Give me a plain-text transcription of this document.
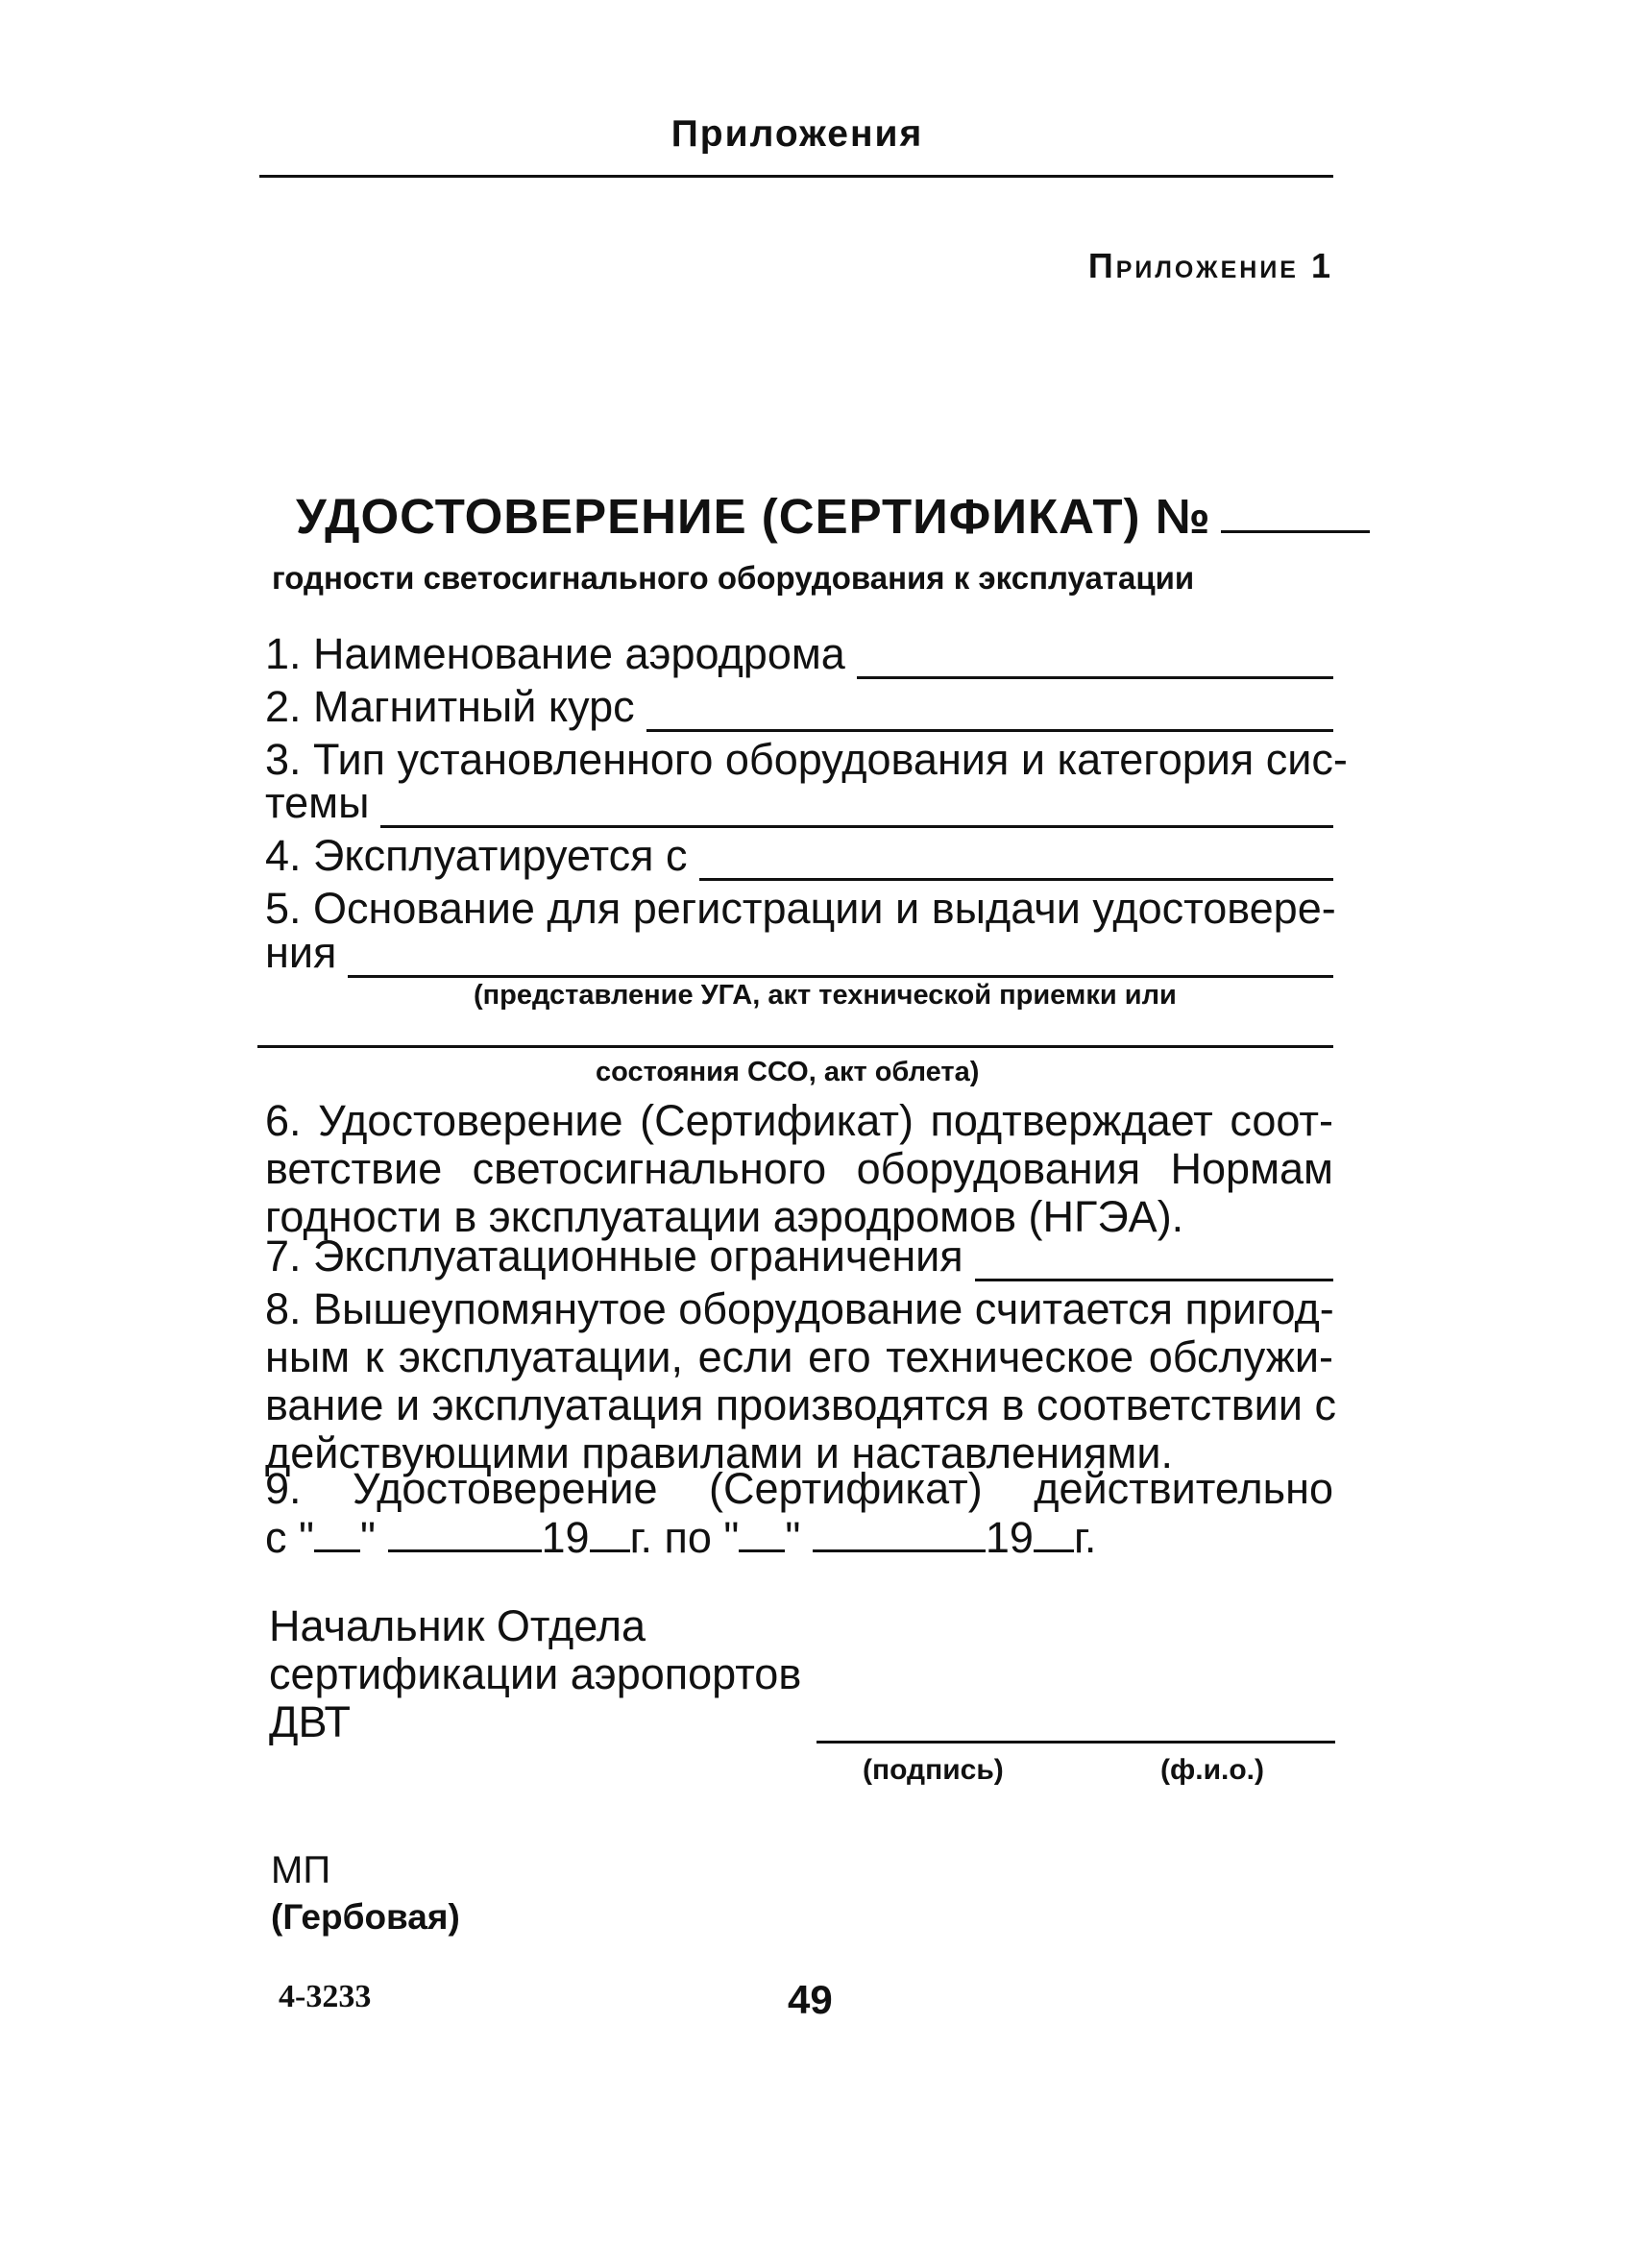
Приложения
Приложение 1
УДОСТОВЕРЕНИЕ (СЕРТИФИКАТ) №
годности светосигнального оборудования к эксплуатации
1. Наименование аэродрома
2. Магнитный курс
3. Тип установленного оборудования и категория сис-
темы
4. Эксплуатируется с
5. Основание для регистрации и выдачи удостовере-
ния
(представление УГА, акт технической приемки или
состояния ССО, акт облета)
6. Удостоверение (Сертификат) подтверждает соот-
ветствие светосигнального оборудования Нормам
годности в эксплуатации аэродромов (НГЭА).
7. Эксплуатационные ограничения
8. Вышеупомянутое оборудование считается пригод-
ным к эксплуатации, если его техническое обслужи-
вание и эксплуатация производятся в соответствии с
действующими правилами и наставлениями.
9. Удостоверение (Сертификат) действительно
с " "	19 г. по " "	19 г.
Начальник Отдела
сертификации аэропортов
ДВТ
(подпись)	(ф.и.о.)
МП
(Гербовая)
4-3233	49
